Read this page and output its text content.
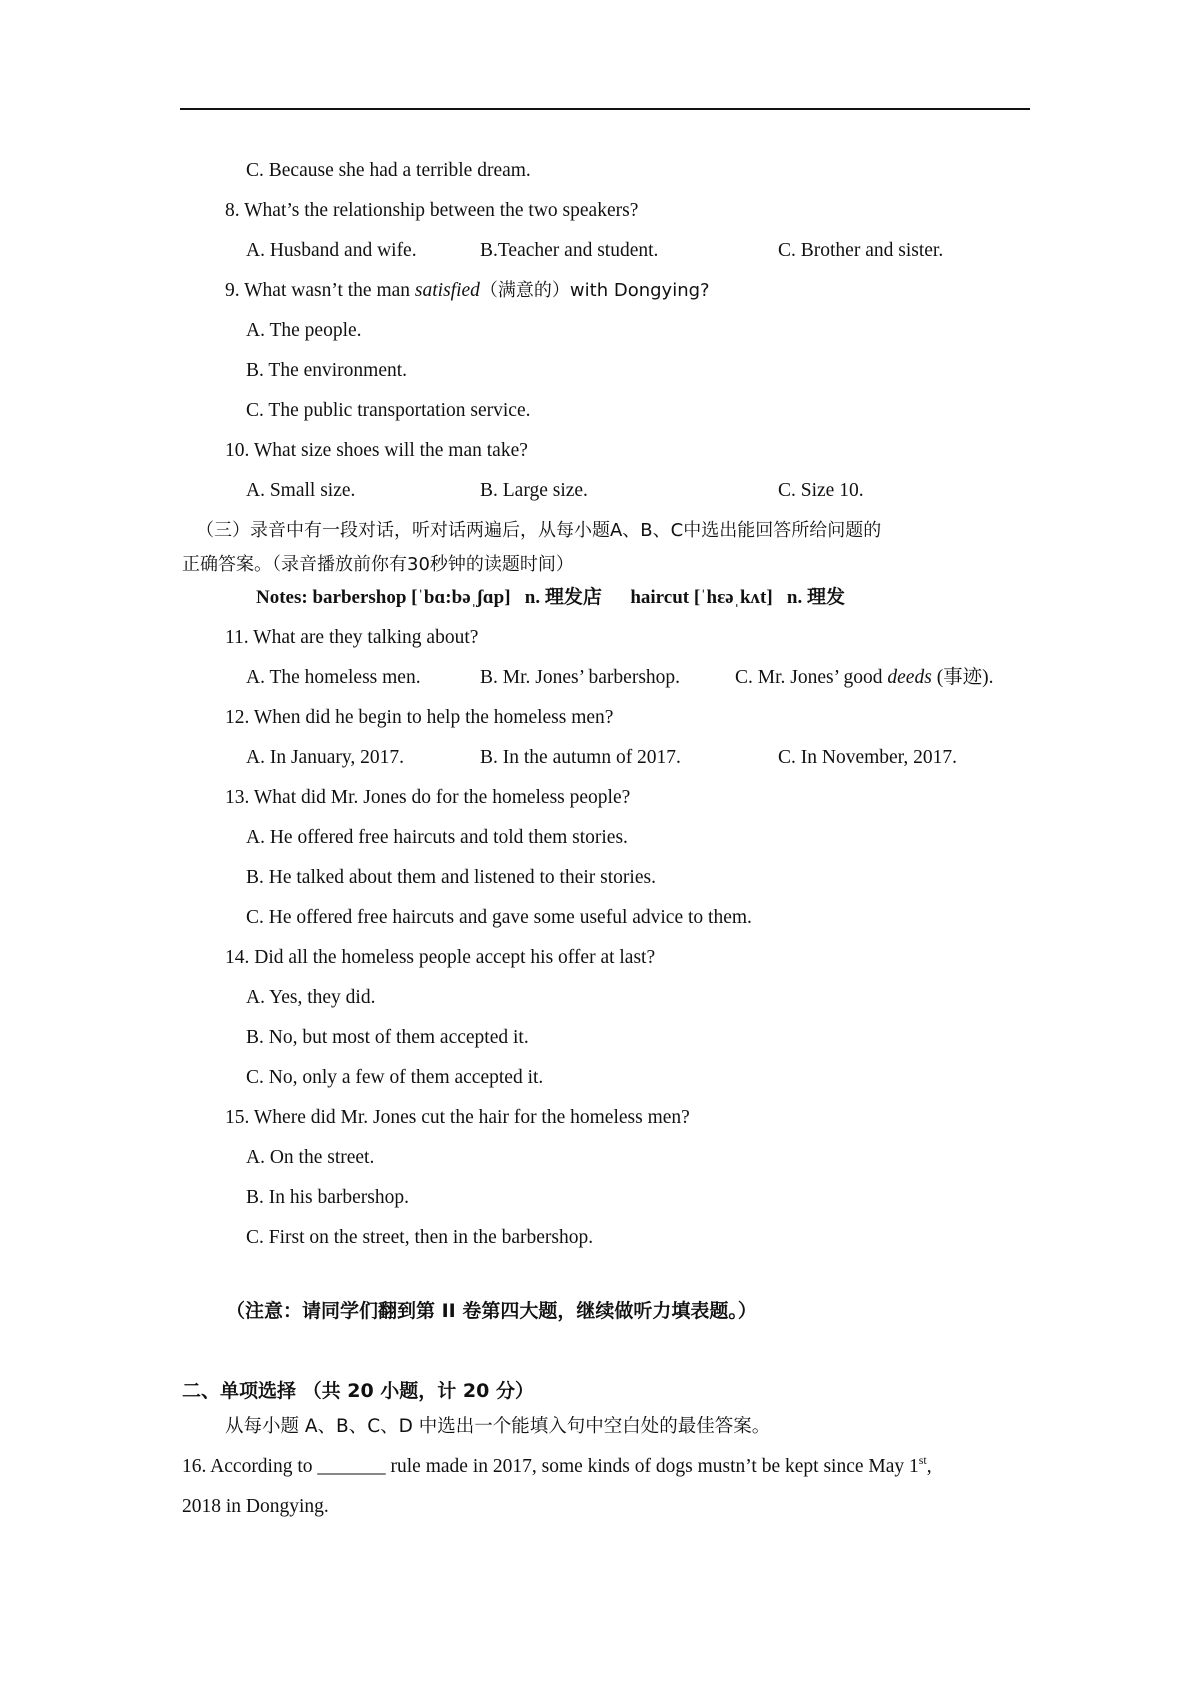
C. Because she had a terrible dream.
8. What’s the relationship between the two speakers?
A. Husband and wife.	B.Teacher and student.	C. Brother and sister.
9. What wasn’t the man satisfied（满意的）with Dongying?
A. The people.
B. The environment.
C. The public transportation service.
10. What size shoes will the man take?
A. Small size.	B. Large size.	C. Size 10.
（三）录音中有一段对话，听对话两遍后，从每小题A、B、C中选出能回答所给问题的
正确答案。（录音播放前你有30秒钟的读题时间）
Notes: barbershop [ˈbɑ:bəˌʃɑp]   n. 理发店      haircut [ˈhɛəˌkʌt]   n. 理发
11. What are they talking about?
A. The homeless men.	B. Mr. Jones’ barbershop.	C. Mr. Jones’ good deeds (事迹).
12. When did he begin to help the homeless men?
A. In January, 2017.	B. In the autumn of 2017.	C. In November, 2017.
13. What did Mr. Jones do for the homeless people?
A. He offered free haircuts and told them stories.
B. He talked about them and listened to their stories.
C. He offered free haircuts and gave some useful advice to them.
14. Did all the homeless people accept his offer at last?
A. Yes, they did.
B. No, but most of them accepted it.
C. No, only a few of them accepted it.
15. Where did Mr. Jones cut the hair for the homeless men?
A. On the street.
B. In his barbershop.
C. First on the street, then in the barbershop.
（注意：请同学们翻到第 II 卷第四大题，继续做听力填表题。）
二、单项选择 （共 20 小题，计 20 分）
从每小题 A、B、C、D 中选出一个能填入句中空白处的最佳答案。
16. According to _______ rule made in 2017, some kinds of dogs mustn’t be kept since May 1st,
2018 in Dongying.
